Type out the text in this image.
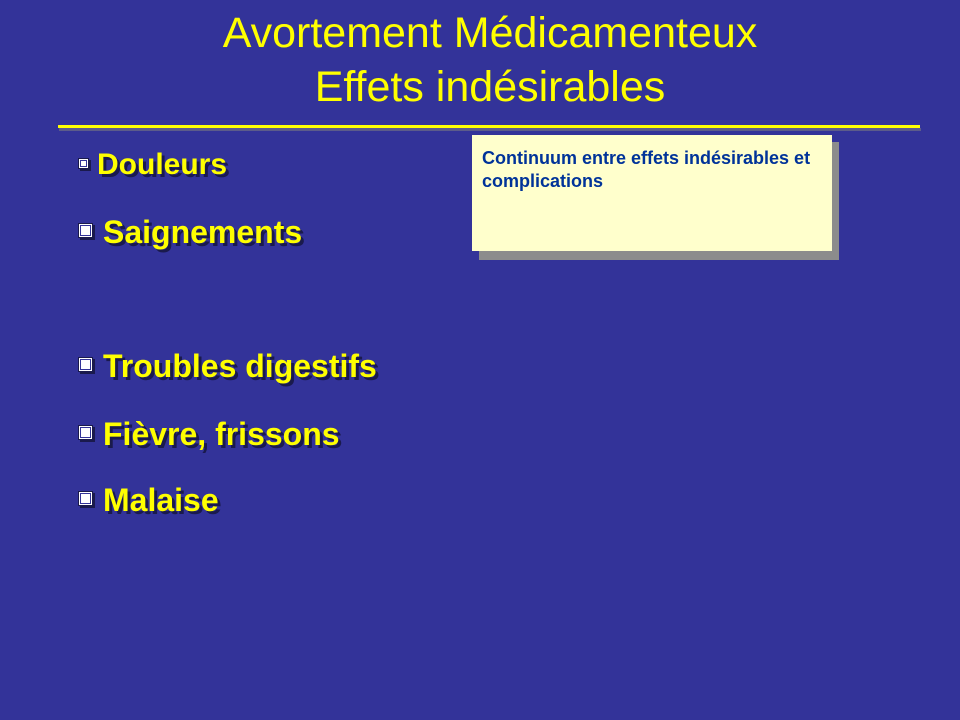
Avortement Médicamenteux
Effets indésirables
Douleurs
Saignements
Troubles digestifs
Fièvre, frissons
Malaise
Continuum entre effets indésirables et complications
